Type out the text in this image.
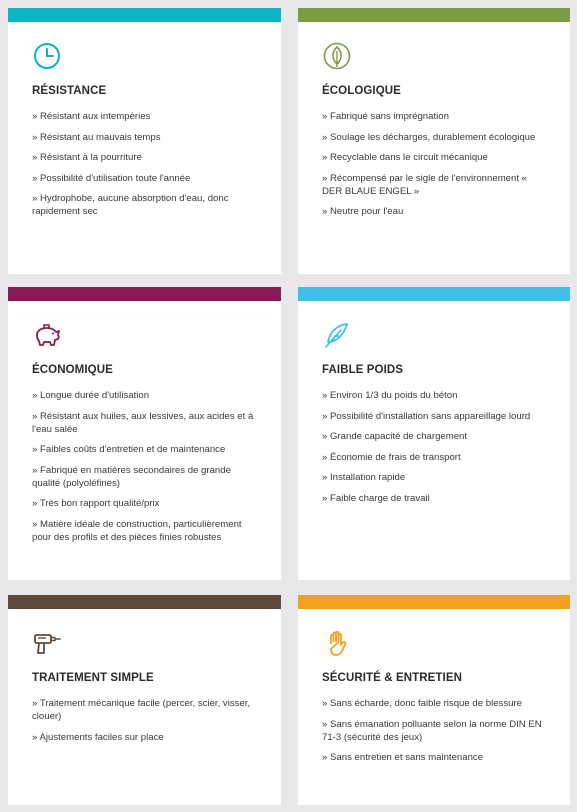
RÉSISTANCE
» Résistant aux intempéries
» Résistant au mauvais temps
» Résistant à la pourriture
» Possibilité d'utilisation toute l'année
» Hydrophobe, aucune absorption d'eau, donc rapidement sec
ÉCOLOGIQUE
» Fabriqué sans imprégnation
» Soulage les décharges, durablement écologique
» Recyclable dans le circuit mécanique
» Récompensé par le sigle de l'environnement « DER BLAUE ENGEL »
» Neutre pour l'eau
ÉCONOMIQUE
» Longue durée d'utilisation
» Résistant aux huiles, aux lessives, aux acides et à l'eau salée
» Faibles coûts d'entretien et de maintenance
» Fabriqué en matières secondaires de grande qualité (polyoléfines)
» Très bon rapport qualité/prix
» Matière idéale de construction, particulièrement pour des profils et des pièces finies robustes
FAIBLE POIDS
» Environ 1/3 du poids du béton
» Possibilité d'installation sans appareillage lourd
» Grande capacité de chargement
» Économie de frais de transport
» Installation rapide
» Faible charge de travail
TRAITEMENT SIMPLE
» Traitement mécanique facile (percer, scier, visser, clouer)
» Ajustements faciles sur place
SÉCURITÉ & ENTRETIEN
» Sans écharde, donc faible risque de blessure
» Sans émanation polluante selon la norme DIN EN 71-3 (sécurité des jeux)
» Sans entretien et sans maintenance
